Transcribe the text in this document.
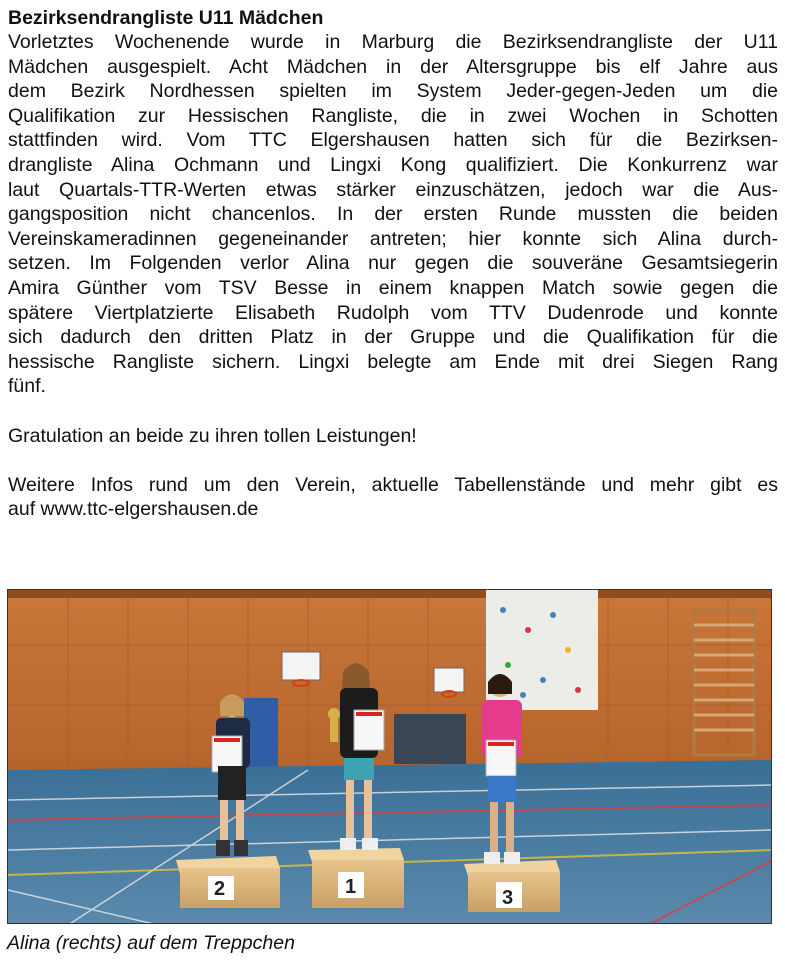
Bezirksendrangliste U11 Mädchen

Vorletztes Wochenende wurde in Marburg die Bezirksendrangliste der U11
Mädchen ausgespielt. Acht Mädchen in der Altersgruppe bis elf Jahre aus
dem Bezirk Nordhessen spielten im System Jeder-gegen-Jeden um die
Qualifikation zur Hessischen Rangliste, die in zwei Wochen in Schotten
stattfinden wird. Vom TTC Elgershausen hatten sich für die Bezirksen-
drangliste Alina Ochmann und Lingxi Kong qualifiziert. Die Konkurrenz war
laut Quartals-TTR-Werten etwas stärker einzuschätzen, jedoch war die Aus-
gangsposition nicht chancenlos. In der ersten Runde mussten die beiden
Vereinskameradinnen gegeneinander antreten; hier konnte sich Alina durch-
setzen. Im Folgenden verlor Alina nur gegen die souveräne Gesamtsiegerin
Amira Günther vom TSV Besse in einem knappen Match sowie gegen die
spätere Viertplatzierte Elisabeth Rudolph vom TTV Dudenrode und konnte
sich dadurch den dritten Platz in der Gruppe und die Qualifikation für die
hessische Rangliste sichern. Lingxi belegte am Ende mit drei Siegen Rang
fünf.

Gratulation an beide zu ihren tollen Leistungen!

Weitere Infos rund um den Verein, aktuelle Tabellenstände und mehr gibt es
auf www.ttc-elgershausen.de

2	1	3
Alina (rechts) auf dem Treppchen
